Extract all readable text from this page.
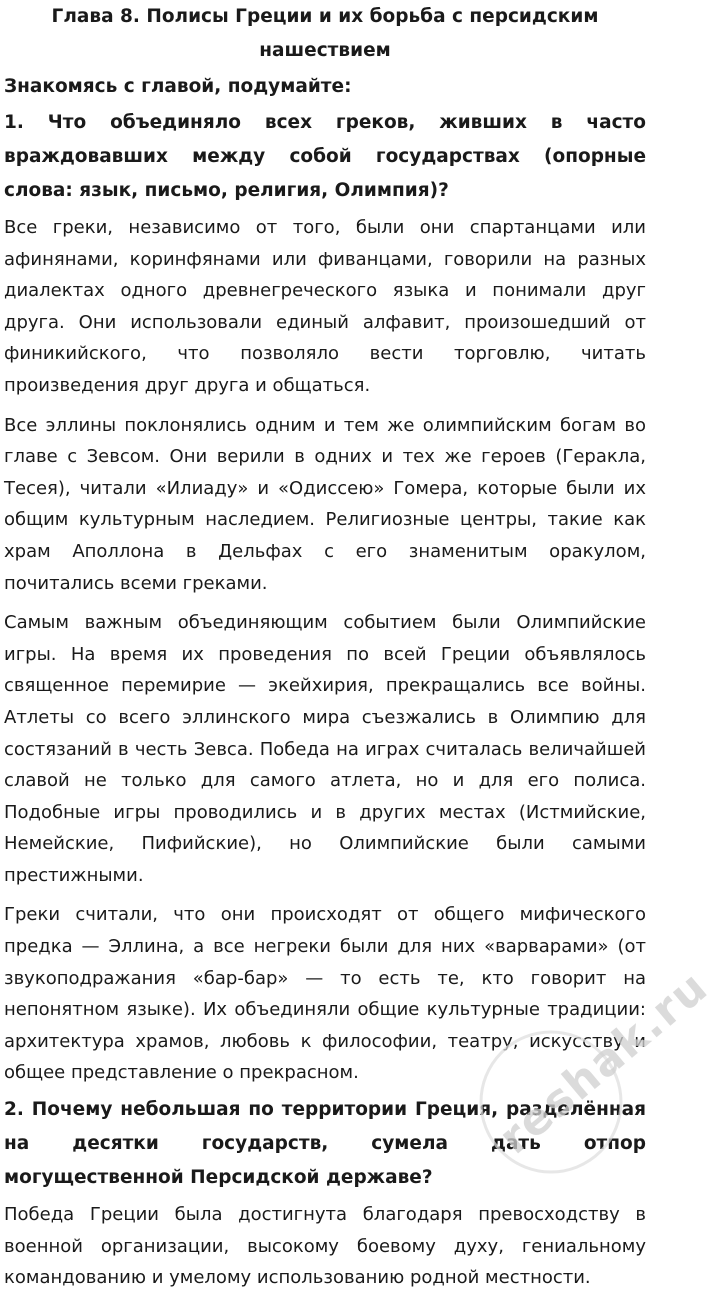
Глава 8. Полисы Греции и их борьба с персидским нашествием

Знакомясь с главой, подумайте:

1. Что объединяло всех греков, живших в часто враждовавших между собой государствах (опорные слова: язык, письмо, религия, Олимпия)?

Все греки, независимо от того, были они спартанцами или афинянами, коринфянами или фиванцами, говорили на разных диалектах одного древнегреческого языка и понимали друг друга. Они использовали единый алфавит, произошедший от финикийского, что позволяло вести торговлю, читать произведения друг друга и общаться.

Все эллины поклонялись одним и тем же олимпийским богам во главе с Зевсом. Они верили в одних и тех же героев (Геракла, Тесея), читали «Илиаду» и «Одиссею» Гомера, которые были их общим культурным наследием. Религиозные центры, такие как храм Аполлона в Дельфах с его знаменитым оракулом, почитались всеми греками.

Самым важным объединяющим событием были Олимпийские игры. На время их проведения по всей Греции объявлялось священное перемирие — экейхирия, прекращались все войны. Атлеты со всего эллинского мира съезжались в Олимпию для состязаний в честь Зевса. Победа на играх считалась величайшей славой не только для самого атлета, но и для его полиса. Подобные игры проводились и в других местах (Истмийские, Немейские, Пифийские), но Олимпийские были самыми престижными.

Греки считали, что они происходят от общего мифического предка — Эллина, а все негреки были для них «варварами» (от звукоподражания «бар-бар» — то есть те, кто говорит на непонятном языке). Их объединяли общие культурные традиции: архитектура храмов, любовь к философии, театру, искусству и общее представление о прекрасном.

2. Почему небольшая по территории Греция, разделённая на десятки государств, сумела дать отпор могущественной Персидской державе?

Победа Греции была достигнута благодаря превосходству в военной организации, высокому боевому духу, гениальному командованию и умелому использованию родной местности.

reshak.ru
